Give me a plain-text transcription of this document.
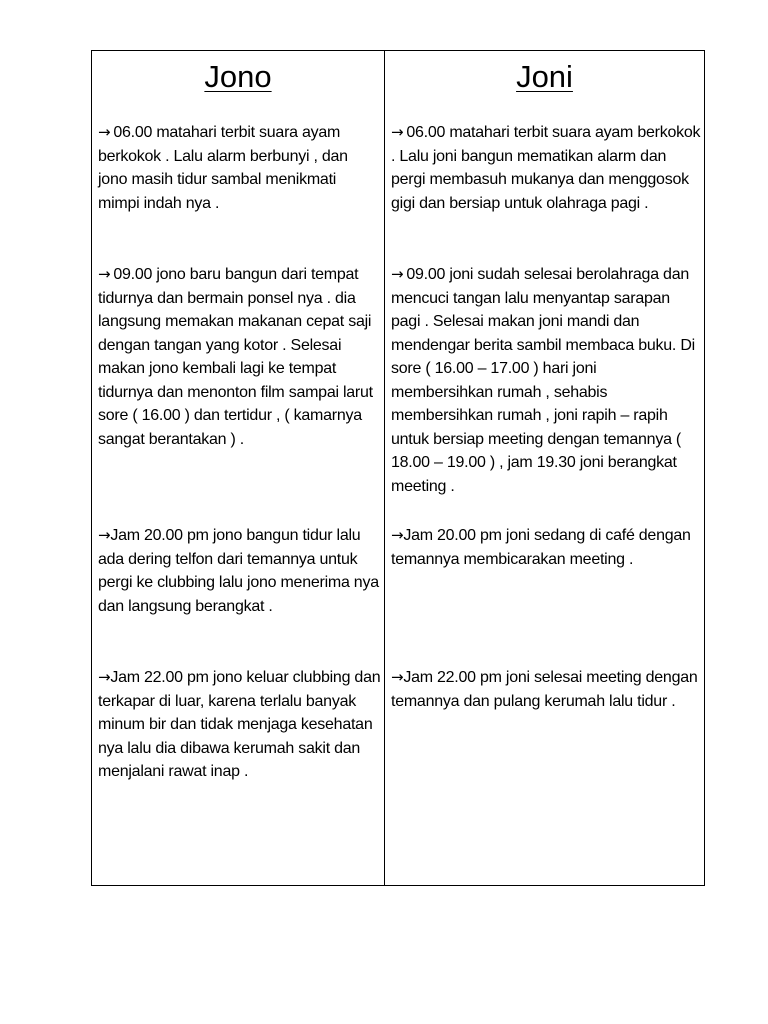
Jono
→ 06.00 matahari terbit suara ayam berkokok . Lalu alarm berbunyi , dan jono masih tidur sambal menikmati mimpi indah nya .
→ 09.00 jono baru bangun dari tempat tidurnya dan bermain ponsel nya . dia langsung memakan makanan cepat saji dengan tangan yang kotor . Selesai makan jono kembali lagi ke tempat tidurnya dan menonton film sampai larut sore ( 16.00 ) dan tertidur , ( kamarnya sangat berantakan ) .
→Jam 20.00 pm jono bangun tidur lalu ada dering telfon dari temannya untuk pergi ke clubbing lalu jono menerima nya dan langsung berangkat .
→Jam 22.00 pm jono keluar clubbing dan terkapar di luar, karena terlalu banyak minum bir dan tidak menjaga kesehatan nya lalu dia dibawa kerumah sakit dan menjalani rawat inap .
Joni
→ 06.00 matahari terbit suara ayam berkokok . Lalu joni bangun mematikan alarm dan pergi membasuh mukanya dan menggosok gigi dan bersiap untuk olahraga pagi .
→ 09.00 joni sudah selesai berolahraga dan mencuci tangan lalu menyantap sarapan pagi . Selesai makan joni mandi dan mendengar berita sambil membaca buku. Di sore ( 16.00 – 17.00 ) hari joni membersihkan rumah , sehabis membersihkan rumah , joni rapih – rapih untuk bersiap meeting dengan temannya ( 18.00 – 19.00 ) , jam 19.30 joni berangkat meeting .
→Jam 20.00 pm joni sedang di café dengan temannya membicarakan meeting .
→Jam 22.00 pm joni selesai meeting dengan temannya dan pulang kerumah lalu tidur .
